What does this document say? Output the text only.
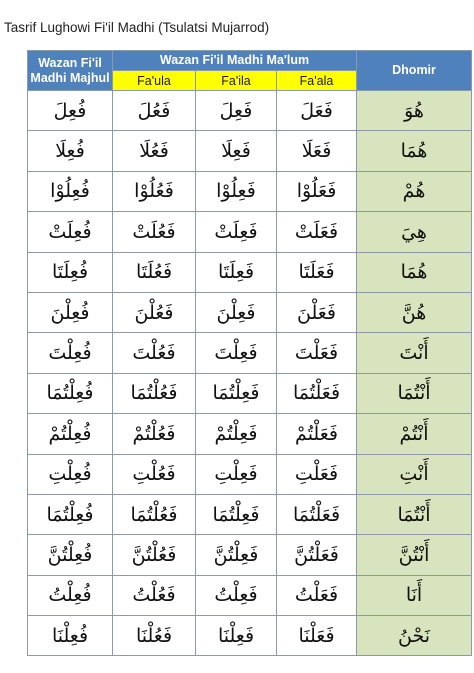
Tasrif Lughowi Fi'il Madhi (Tsulatsi Mujarrod)
Wazan Fi'il
Madhi Majhul	Wazan Fi'il Madhi Ma'lum			Dhomir
	Fa'ula	Fa'ila	Fa'ala	
فُعِلَ	فَعُلَ	فَعِلَ	فَعَلَ	هُوَ
فُعِلَا	فَعُلَا	فَعِلَا	فَعَلَا	هُمَا
فُعِلُوْا	فَعُلُوْا	فَعِلُوْا	فَعَلُوْا	هُمْ
فُعِلَتْ	فَعُلَتْ	فَعِلَتْ	فَعَلَتْ	هِيَ
فُعِلَتَا	فَعُلَتَا	فَعِلَتَا	فَعَلَتَا	هُمَا
فُعِلْنَ	فَعُلْنَ	فَعِلْنَ	فَعَلْنَ	هُنَّ
فُعِلْتَ	فَعُلْتَ	فَعِلْتَ	فَعَلْتَ	أَنْتَ
فُعِلْتُمَا	فَعُلْتُمَا	فَعِلْتُمَا	فَعَلْتُمَا	أَنْتُمَا
فُعِلْتُمْ	فَعُلْتُمْ	فَعِلْتُمْ	فَعَلْتُمْ	أَنْتُمْ
فُعِلْتِ	فَعُلْتِ	فَعِلْتِ	فَعَلْتِ	أَنْتِ
فُعِلْتُمَا	فَعُلْتُمَا	فَعِلْتُمَا	فَعَلْتُمَا	أَنْتُمَا
فُعِلْتُنَّ	فَعُلْتُنَّ	فَعِلْتُنَّ	فَعَلْتُنَّ	أَنْتُنَّ
فُعِلْتُ	فَعُلْتُ	فَعِلْتُ	فَعَلْتُ	أَنَا
فُعِلْنَا	فَعُلْنَا	فَعِلْنَا	فَعَلْنَا	نَحْنُ
